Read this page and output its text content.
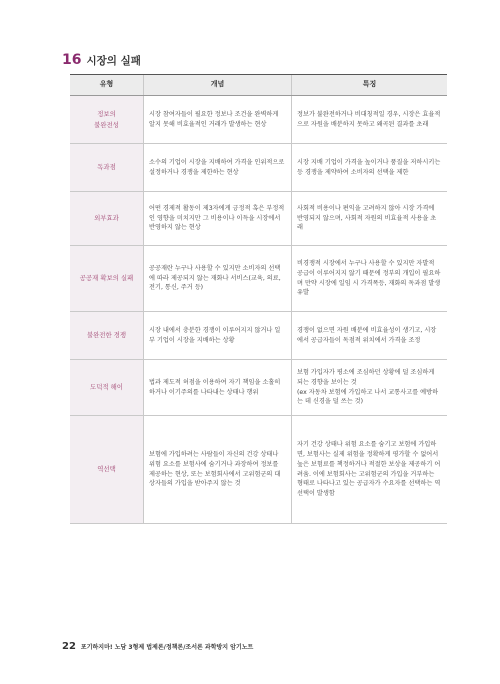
16 시장의 실패
유형	개념	특징
정보의
불완전성
시장 참여자들이 필요한 정보나 조건을 완벽하게 알지 못해 비효율적인 거래가 발생하는 현상
정보가 불완전하거나 비대칭적일 경우, 시장은 효율적으로 자원을 배분하지 못하고 왜곡된 결과를 초래
독과점
소수의 기업이 시장을 지배하여 가격을 인위적으로 설정하거나 경쟁을 제한하는 현상
시장 지배 기업이 가격을 높이거나 품질을 저하시키는 등 경쟁을 제약하여 소비자의 선택을 제한
외부효과
어떤 경제적 활동이 제3자에게 긍정적 혹은 부정적인 영향을 미치지만 그 비용이나 이득을 시장에서 반영하지 않는 현상
사회적 비용이나 편익을 고려하지 않아 시장 가격에 반영되지 않으며, 사회적 자원의 비효율적 사용을 초래
공공재 확보의 실패
공공재란 누구나 사용할 수 있지만 소비자의 선택에 따라 제공되지 않는 재화나 서비스(교육, 의료, 전기, 통신, 주거 등)
비경쟁적 시장에서 누구나 사용할 수 있지만 자발적 공급이 이루어지지 않기 때문에 정부의 개입이 필요하며 만약 시장에 일임 시 가격폭등, 재화의 독과점 발생 유발
불완전한 경쟁
시장 내에서 충분한 경쟁이 이루어지지 않거나 일부 기업이 시장을 지배하는 상황
경쟁이 없으면 자원 배분에 비효율성이 생기고, 시장에서 공급자들이 독점적 위치에서 가격을 조정
도덕적 해이
법과 제도적 허점을 이용하여 자기 책임을 소홀히 하거나 이기주의를 나타내는 상태나 행위
보험 가입자가 평소에 조심하던 상황에 덜 조심하게 되는 경향을 보이는 것
(ex 자동차 보험에 가입하고 나서 교통사고를 예방하는 데 신경을 덜 쓰는 것)
역선택
보험에 가입하려는 사람들이 자신의 건강 상태나 위험 요소를 보험사에 숨기거나 과장하여 정보를 제공하는 현상, 또는 보험회사에서 고위험군의 대상자들의 가입을 받아주지 않는 것
자기 건강 상태나 위험 요소를 숨기고 보험에 가입하면, 보험사는 실제 위험을 정확하게 평가할 수 없어서 높은 보험료를 책정하거나 적절한 보상을 제공하기 어려움. 이에 보험회사는 고위험군의 가입을 거부하는 형태로 나타나고 있는 공급자가 수요자를 선택하는 역선택이 발생함
22 포기하지마! 노담 3형제 법제론/정책론/조서론 과학방지 암기노트
